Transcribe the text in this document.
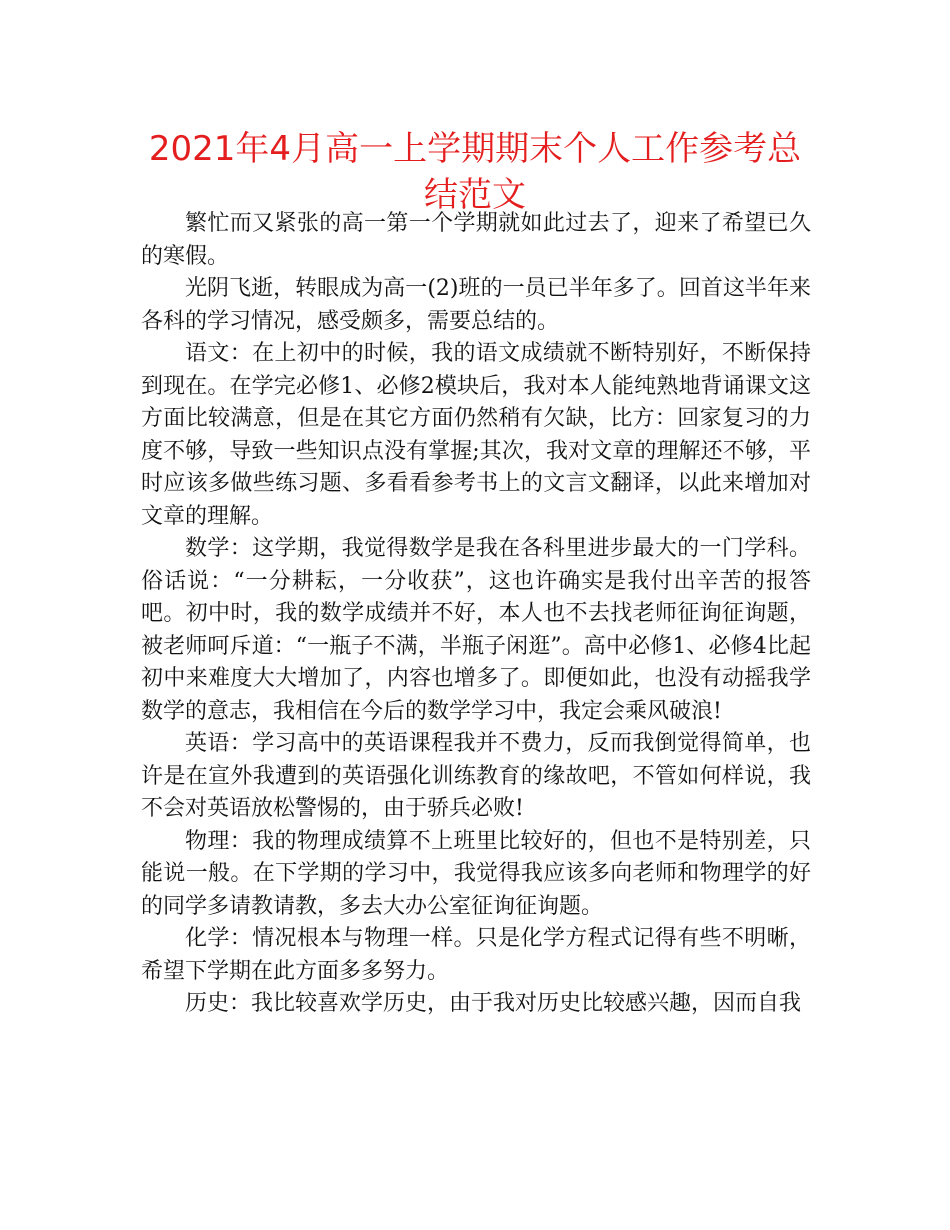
2021年4月高一上学期期末个人工作参考总结范文

繁忙而又紧张的高一第一个学期就如此过去了，迎来了希望已久的寒假。

光阴飞逝，转眼成为高一(2)班的一员已半年多了。回首这半年来各科的学习情况，感受颇多，需要总结的。

语文：在上初中的时候，我的语文成绩就不断特别好，不断保持到现在。在学完必修1、必修2模块后，我对本人能纯熟地背诵课文这方面比较满意，但是在其它方面仍然稍有欠缺，比方：回家复习的力度不够，导致一些知识点没有掌握;其次，我对文章的理解还不够，平时应该多做些练习题、多看看参考书上的文言文翻译，以此来增加对文章的理解。

数学：这学期，我觉得数学是我在各科里进步最大的一门学科。俗话说：“一分耕耘，一分收获”，这也许确实是我付出辛苦的报答吧。初中时，我的数学成绩并不好，本人也不去找老师征询征询题，被老师呵斥道：“一瓶子不满，半瓶子闲逛”。高中必修1、必修4比起初中来难度大大增加了，内容也增多了。即便如此，也没有动摇我学数学的意志，我相信在今后的数学学习中，我定会乘风破浪!

英语：学习高中的英语课程我并不费力，反而我倒觉得简单，也许是在宣外我遭到的英语强化训练教育的缘故吧，不管如何样说，我不会对英语放松警惕的，由于骄兵必败!

物理：我的物理成绩算不上班里比较好的，但也不是特别差，只能说一般。在下学期的学习中，我觉得我应该多向老师和物理学的好的同学多请教请教，多去大办公室征询征询题。

化学：情况根本与物理一样。只是化学方程式记得有些不明晰，希望下学期在此方面多多努力。

历史：我比较喜欢学历史，由于我对历史比较感兴趣，因而自我
